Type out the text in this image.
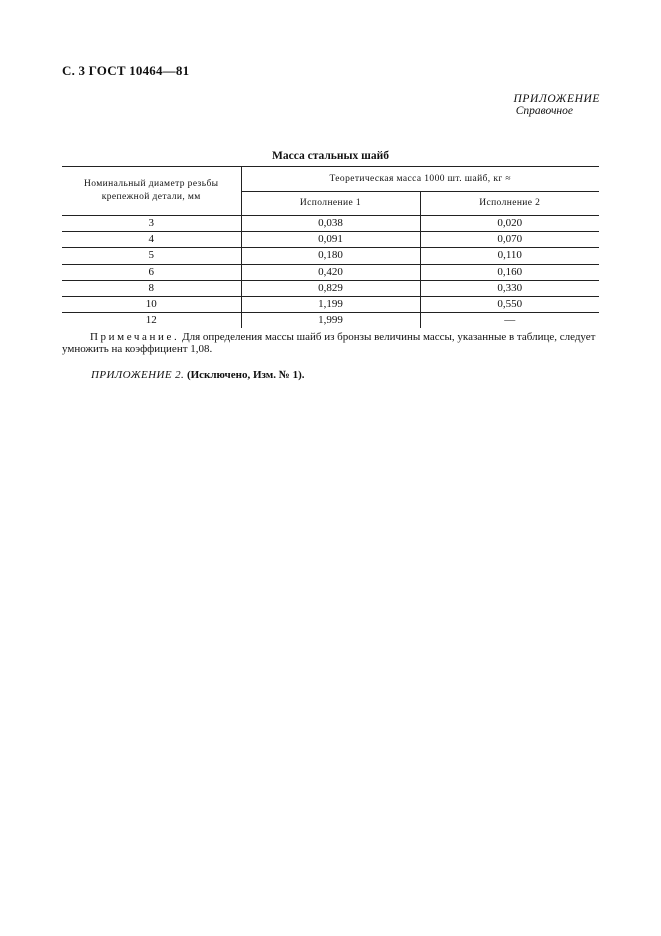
С. 3 ГОСТ 10464—81
ПРИЛОЖЕНИЕ
Справочное
Масса стальных шайб
Номинальный диаметр резьбы
крепежной детали, мм	Теоретическая масса 1000 шт. шайб, кг ≈	
	Исполнение 1	Исполнение 2
3	0,038	0,020
4	0,091	0,070
5	0,180	0,110
6	0,420	0,160
8	0,829	0,330
10	1,199	0,550
12	1,999	—
Примечание. Для определения массы шайб из бронзы величины массы, указанные в таблице, следует
умножить на коэффициент 1,08.
ПРИЛОЖЕНИЕ 2. (Исключено, Изм. № 1).
